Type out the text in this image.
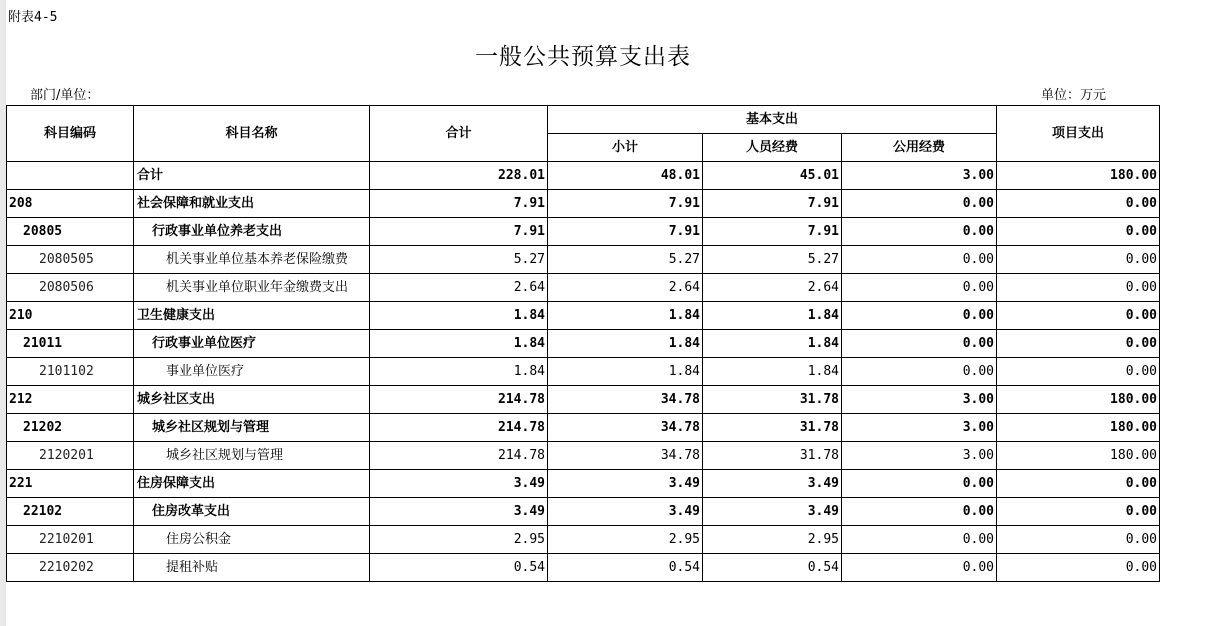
附表4-5
一般公共预算支出表
部门/单位：	单位：万元
科目编码	科目名称	合计	基本支出			项目支出
			小计	人员经费	公用经费	
	合计	228.01	48.01	45.01	3.00	180.00
208	社会保障和就业支出	7.91	7.91	7.91	0.00	0.00
20805	行政事业单位养老支出	7.91	7.91	7.91	0.00	0.00
2080505	机关事业单位基本养老保险缴费	5.27	5.27	5.27	0.00	0.00
2080506	机关事业单位职业年金缴费支出	2.64	2.64	2.64	0.00	0.00
210	卫生健康支出	1.84	1.84	1.84	0.00	0.00
21011	行政事业单位医疗	1.84	1.84	1.84	0.00	0.00
2101102	事业单位医疗	1.84	1.84	1.84	0.00	0.00
212	城乡社区支出	214.78	34.78	31.78	3.00	180.00
21202	城乡社区规划与管理	214.78	34.78	31.78	3.00	180.00
2120201	城乡社区规划与管理	214.78	34.78	31.78	3.00	180.00
221	住房保障支出	3.49	3.49	3.49	0.00	0.00
22102	住房改革支出	3.49	3.49	3.49	0.00	0.00
2210201	住房公积金	2.95	2.95	2.95	0.00	0.00
2210202	提租补贴	0.54	0.54	0.54	0.00	0.00
